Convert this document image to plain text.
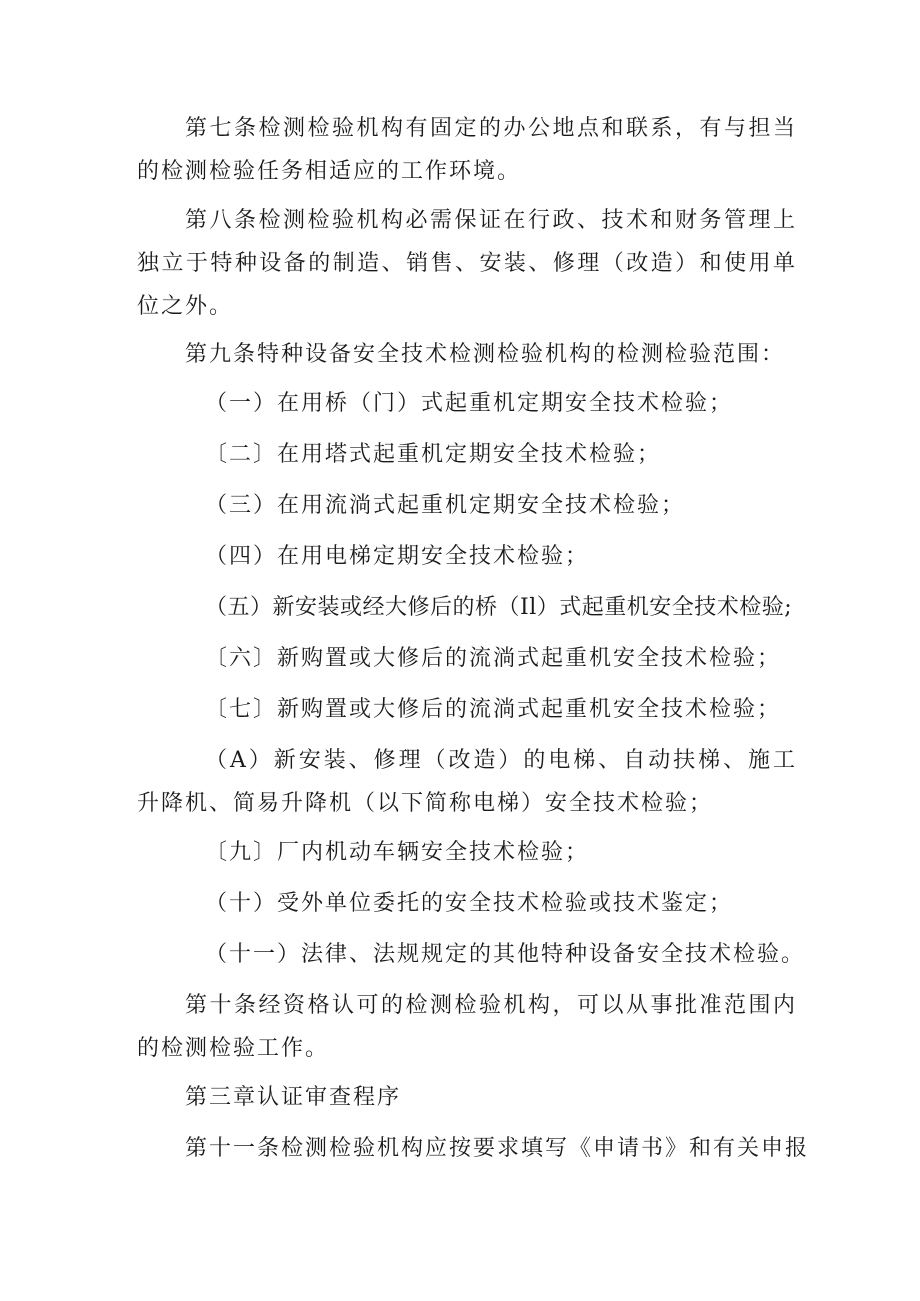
第七条检测检验机构有固定的办公地点和联系，有与担当的检测检验任务相适应的工作环境。

第八条检测检验机构必需保证在行政、技术和财务管理上独立于特种设备的制造、销售、安装、修理（改造）和使用单位之外。

第九条特种设备安全技术检测检验机构的检测检验范围：

（一）在用桥（门）式起重机定期安全技术检验；

〔二〕在用塔式起重机定期安全技术检验；

（三）在用流淌式起重机定期安全技术检验；

（四）在用电梯定期安全技术检验；

（五）新安装或经大修后的桥（Il）式起重机安全技术检验;

〔六〕新购置或大修后的流淌式起重机安全技术检验；

〔七〕新购置或大修后的流淌式起重机安全技术检验；

（A）新安装、修理（改造）的电梯、自动扶梯、施工升降机、简易升降机（以下简称电梯）安全技术检验；

〔九〕厂内机动车辆安全技术检验；

（十）受外单位委托的安全技术检验或技术鉴定；

（十一）法律、法规规定的其他特种设备安全技术检验。

第十条经资格认可的检测检验机构，可以从事批准范围内的检测检验工作。

第三章认证审查程序

第十一条检测检验机构应按要求填写《申请书》和有关申报
